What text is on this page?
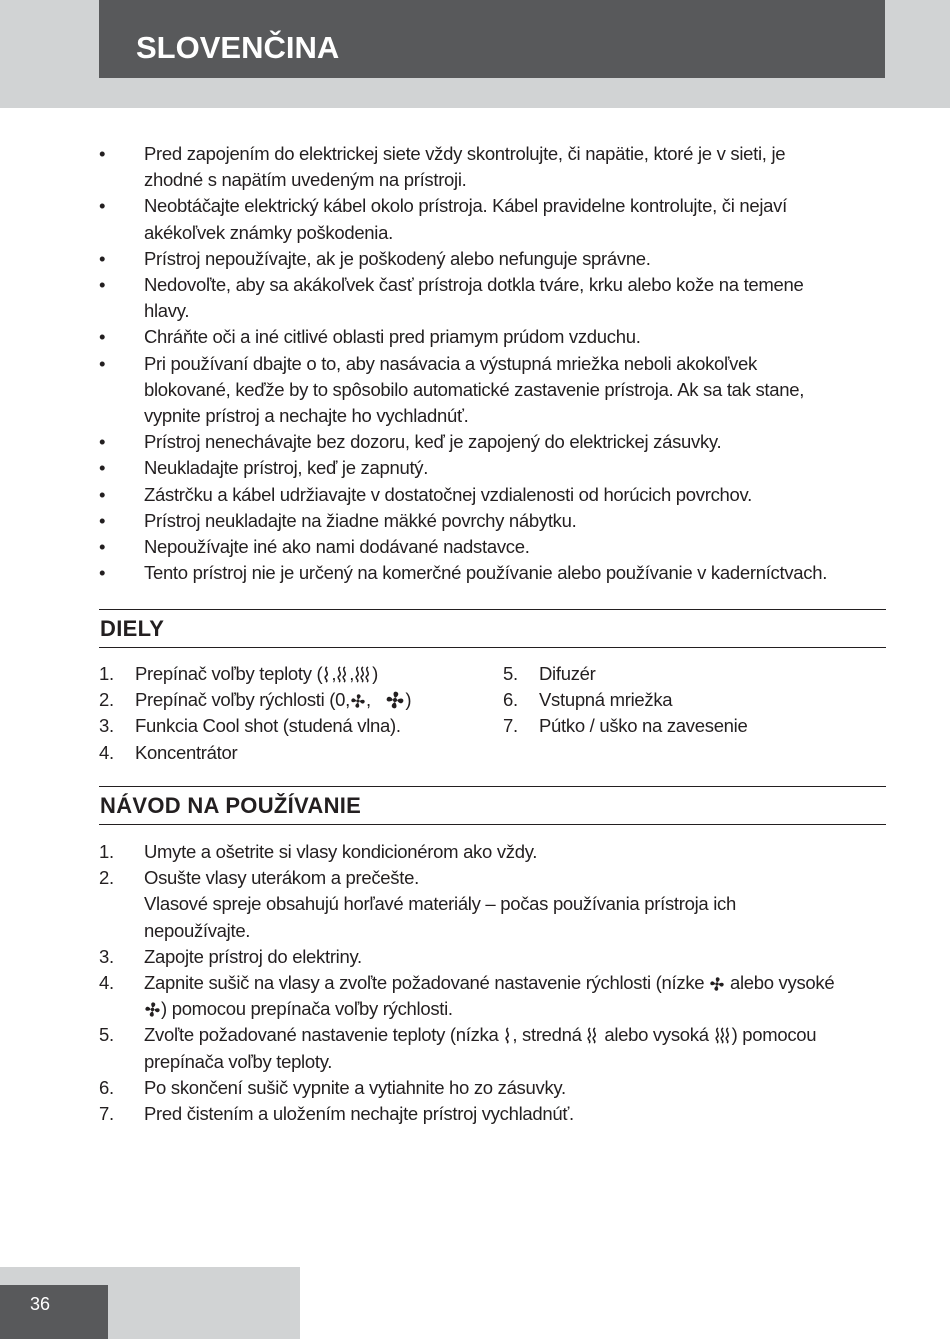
SLOVENČINA
• Pred zapojením do elektrickej siete vždy skontrolujte, či napätie, ktoré je v sieti, je
zhodné s napätím uvedeným na prístroji.
• Neobtáčajte elektrický kábel okolo prístroja. Kábel pravidelne kontrolujte, či nejaví
akékoľvek známky poškodenia.
• Prístroj nepoužívajte, ak je poškodený alebo nefunguje správne.
• Nedovoľte, aby sa akákoľvek časť prístroja dotkla tváre, krku alebo kože na temene
hlavy.
• Chráňte oči a iné citlivé oblasti pred priamym prúdom vzduchu.
• Pri používaní dbajte o to, aby nasávacia a výstupná mriežka neboli akokoľvek
blokované, keďže by to spôsobilo automatické zastavenie prístroja. Ak sa tak stane,
vypnite prístroj a nechajte ho vychladnúť.
• Prístroj nenechávajte bez dozoru, keď je zapojený do elektrickej zásuvky.
• Neukladajte prístroj, keď je zapnutý.
• Zástrčku a kábel udržiavajte v dostatočnej vzdialenosti od horúcich povrchov.
• Prístroj neukladajte na žiadne mäkké povrchy nábytku.
• Nepoužívajte iné ako nami dodávané nadstavce.
• Tento prístroj nie je určený na komerčné používanie alebo používanie v kaderníctvach.
DIELY
1. Prepínač voľby teploty ( , , )
2. Prepínač voľby rýchlosti (0, , )
3. Funkcia Cool shot (studená vlna).
4. Koncentrátor
5. Difuzér
6. Vstupná mriežka
7. Pútko / uško na zavesenie
NÁVOD NA POUŽÍVANIE
1. Umyte a ošetrite si vlasy kondicionérom ako vždy.
2. Osušte vlasy uterákom a prečešte.
Vlasové spreje obsahujú horľavé materiály – počas používania prístroja ich
nepoužívajte.
3. Zapojte prístroj do elektriny.
4. Zapnite sušič na vlasy a zvoľte požadované nastavenie rýchlosti (nízke  alebo vysoké
) pomocou prepínača voľby rýchlosti.
5. Zvoľte požadované nastavenie teploty (nízka , stredná  alebo vysoká ) pomocou
prepínača voľby teploty.
6. Po skončení sušič vypnite a vytiahnite ho zo zásuvky.
7. Pred čistením a uložením nechajte prístroj vychladnúť.
36
